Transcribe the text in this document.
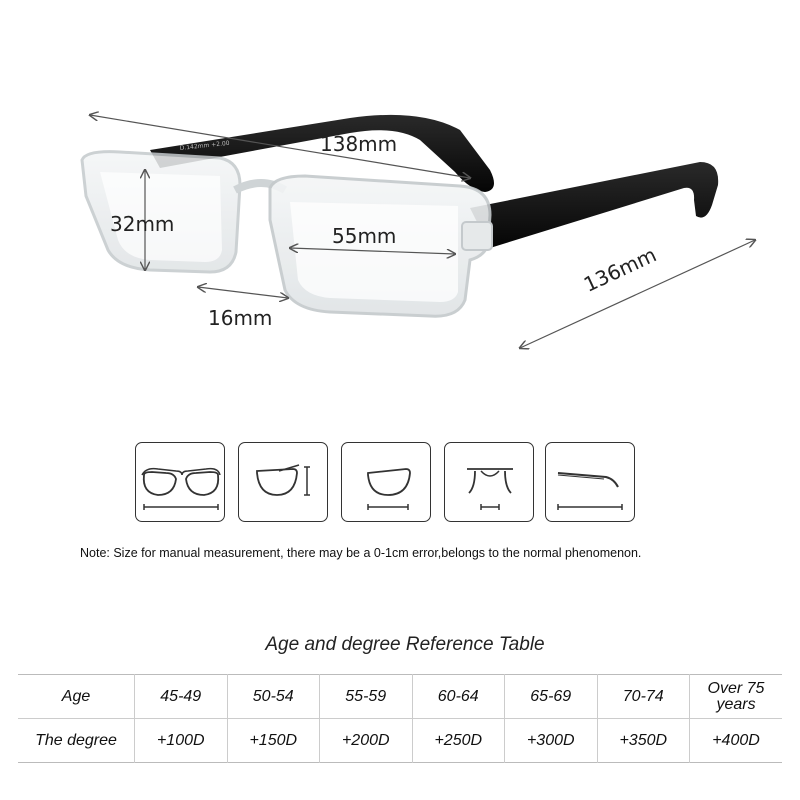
D.142mm +2.00	138mm
32mm	55mm
16mm
136mm
Note: Size for manual measurement, there may be a 0-1cm error,belongs to the normal phenomenon.
Age and degree Reference Table
Age	45-49	50-54	55-59	60-64	65-69	70-74	Over 75 years
The degree	+100D	+150D	+200D	+250D	+300D	+350D	+400D
